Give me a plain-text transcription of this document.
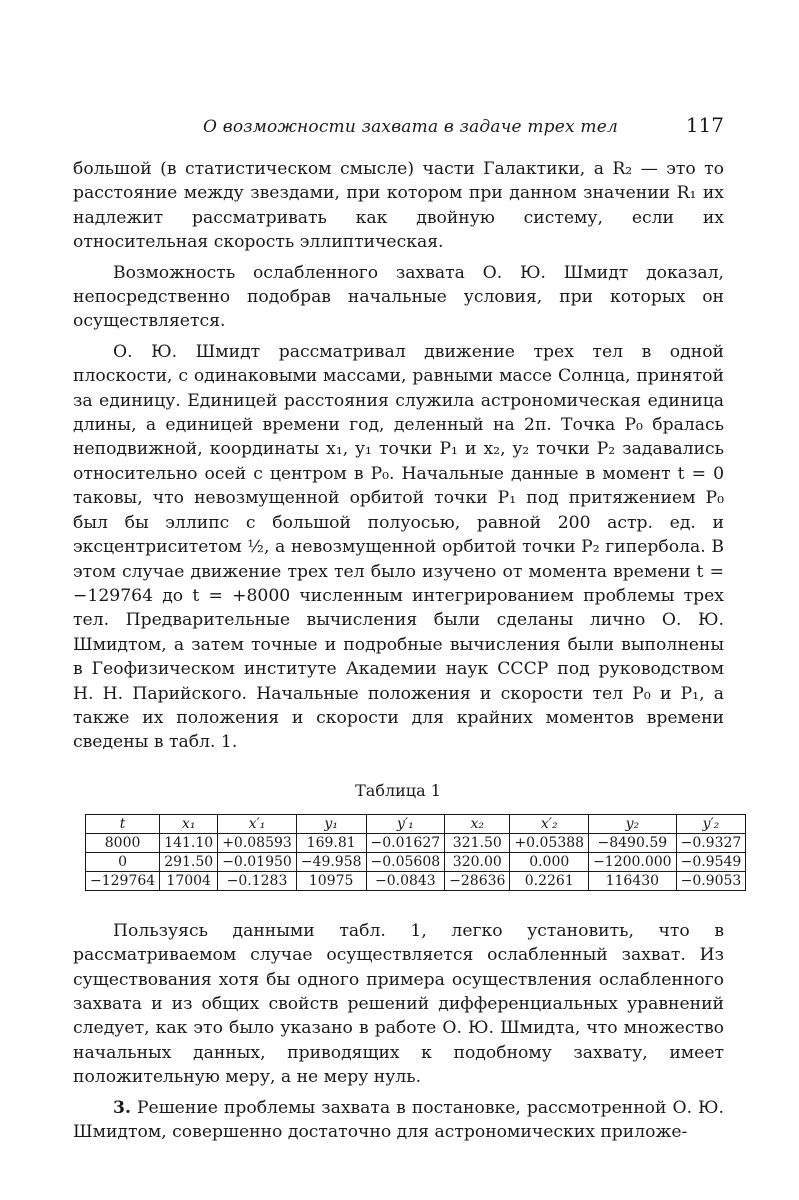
О возможности захвата в задаче трех тел	117

большой (в статистическом смысле) части Галактики, а R₂ — это то расстояние между звездами, при котором при данном значении R₁ их надлежит рассматривать как двойную систему, если их относительная скорость эллиптическая.

Возможность ослабленного захвата О. Ю. Шмидт доказал, непосредственно подобрав начальные условия, при которых он осуществляется.

О. Ю. Шмидт рассматривал движение трех тел в одной плоскости, с одинаковыми массами, равными массе Солнца, принятой за единицу. Единицей расстояния служила астрономическая единица длины, а единицей времени год, деленный на 2π. Точка P₀ бралась неподвижной, координаты x₁, y₁ точки P₁ и x₂, y₂ точки P₂ задавались относительно осей с центром в P₀. Начальные данные в момент t = 0 таковы, что невозмущенной орбитой точки P₁ под притяжением P₀ был бы эллипс с большой полуосью, равной 200 астр. ед. и эксцентриситетом ½, а невозмущенной орбитой точки P₂ гипербола. В этом случае движение трех тел было изучено от момента времени t = −129764 до t = +8000 численным интегрированием проблемы трех тел. Предварительные вычисления были сделаны лично О. Ю. Шмидтом, а затем точные и подробные вычисления были выполнены в Геофизическом институте Академии наук СССР под руководством Н. Н. Парийского. Начальные положения и скорости тел P₀ и P₁, а также их положения и скорости для крайних моментов времени сведены в табл. 1.

Таблица 1
t	x₁	x′₁	y₁	y′₁	x₂	x′₂	y₂	y′₂
8000	141.10	+0.08593	169.81	−0.01627	321.50	+0.05388	−8490.59	−0.9327
0	291.50	−0.01950	−49.958	−0.05608	320.00	0.000	−1200.000	−0.9549
−129764	17004	−0.1283	10975	−0.0843	−28636	0.2261	116430	−0.9053

Пользуясь данными табл. 1, легко установить, что в рассматриваемом случае осуществляется ослабленный захват. Из существования хотя бы одного примера осуществления ослабленного захвата и из общих свойств решений дифференциальных уравнений следует, как это было указано в работе О. Ю. Шмидта, что множество начальных данных, приводящих к подобному захвату, имеет положительную меру, а не меру нуль.

3. Решение проблемы захвата в постановке, рассмотренной О. Ю. Шмидтом, совершенно достаточно для астрономических приложе-
